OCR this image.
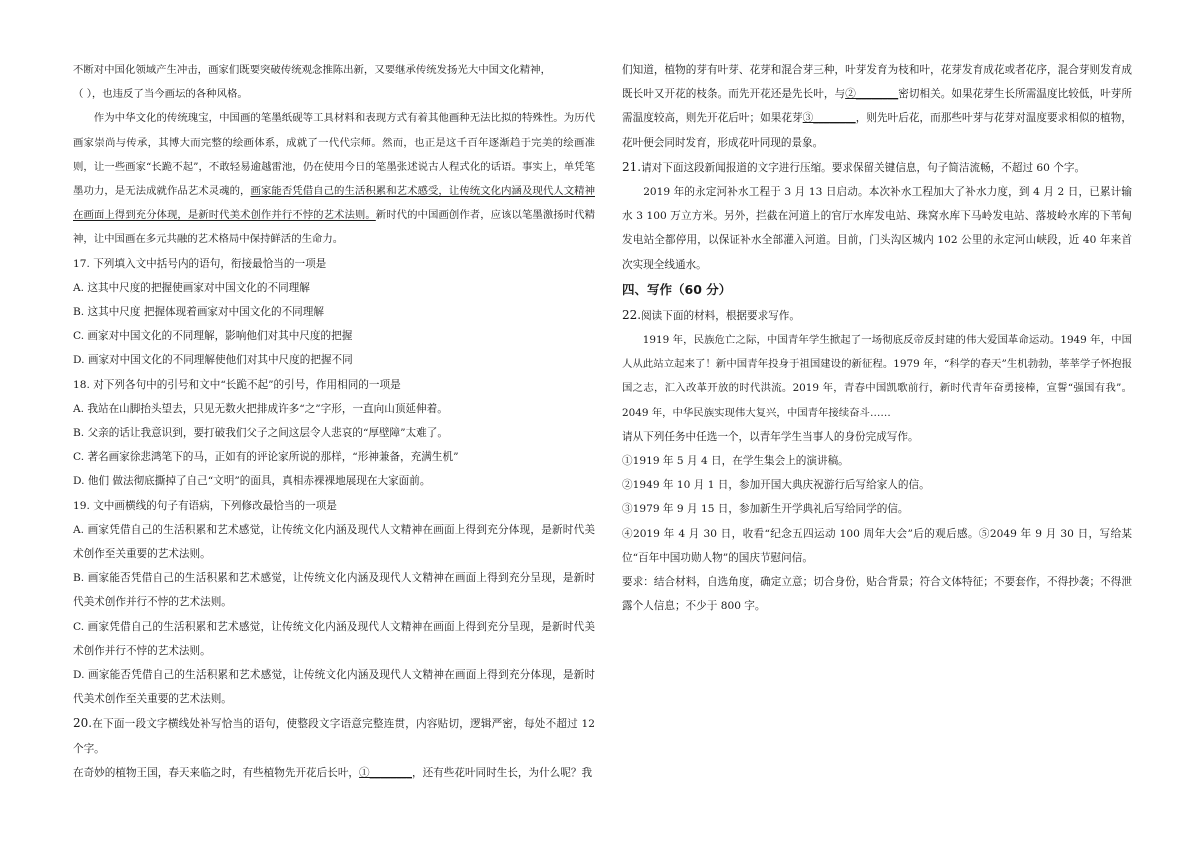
不断对中国化领域产生冲击，画家们既要突破传统观念推陈出新，又要继承传统发扬光大中国文化精神，

（ ），也违反了当今画坛的各种风格。

作为中华文化的传统瑰宝，中国画的笔墨纸砚等工具材料和表现方式有着其他画种无法比拟的特殊性。为历代画家崇尚与传承，其博大而完整的绘画体系，成就了一代代宗师。然而，也正是这千百年逐渐趋于完美的绘画准则，让一些画家“长跪不起”，不敢轻易逾越雷池，仍在使用今日的笔墨张述说古人程式化的话语。事实上，单凭笔墨功力，是无法成就作品艺术灵魂的，画家能否凭借自己的生活积累和艺术感受，让传统文化内涵及现代人文精神在画面上得到充分体现，是新时代美术创作并行不悖的艺术法则。新时代的中国画创作者，应该以笔墨激扬时代精神，让中国画在多元共融的艺术格局中保持鲜活的生命力。

17. 下列填入文中括号内的语句，衔接最恰当的一项是

A. 这其中尺度的把握使画家对中国文化的不同理解

B. 这其中尺度 把握体现着画家对中国文化的不同理解

C. 画家对中国文化的不同理解，影响他们对其中尺度的把握

D. 画家对中国文化的不同理解使他们对其中尺度的把握不同

18. 对下列各句中的引号和文中“长跪不起”的引号，作用相同的一项是

A. 我站在山脚抬头望去，只见无数火把排成许多“之”字形，一直向山顶延伸着。

B. 父亲的话让我意识到，要打破我们父子之间这层令人悲哀的“厚壁障”太难了。

C. 著名画家徐悲鸿笔下的马，正如有的评论家所说的那样，“形神兼备，充满生机”

D. 他们 做法彻底撕掉了自己“文明”的面具，真相赤裸裸地展现在大家面前。

19. 文中画横线的句子有语病，下列修改最恰当的一项是

A. 画家凭借自己的生活积累和艺术感觉，让传统文化内涵及现代人文精神在画面上得到充分体现，是新时代美术创作至关重要的艺术法则。

B. 画家能否凭借自己的生活积累和艺术感觉，让传统文化内涵及现代人文精神在画面上得到充分呈现，是新时代美术创作并行不悖的艺术法则。

C. 画家凭借自己的生活积累和艺术感觉，让传统文化内涵及现代人文精神在画面上得到充分呈现，是新时代美术创作并行不悖的艺术法则。

D. 画家能否凭借自己的生活积累和艺术感觉，让传统文化内涵及现代人文精神在画面上得到充分体现，是新时代美术创作至关重要的艺术法则。

20.在下面一段文字横线处补写恰当的语句，使整段文字语意完整连贯，内容贴切，逻辑严密，每处不超过 12 个字。

在奇妙的植物王国，春天来临之时，有些植物先开花后长叶，①________，还有些花叶同时生长，为什么呢？我

们知道，植物的芽有叶芽、花芽和混合芽三种，叶芽发育为枝和叶，花芽发育成花或者花序，混合芽则发育成既长叶又开花的枝条。而先开花还是先长叶，与②________密切相关。如果花芽生长所需温度比较低，叶芽所需温度较高，则先开花后叶；如果花芽③________，则先叶后花，而那些叶芽与花芽对温度要求相似的植物，花叶便会同时发育，形成花叶同现的景象。

21.请对下面这段新闻报道的文字进行压缩。要求保留关键信息，句子简洁流畅，不超过 60 个字。

2019 年的永定河补水工程于 3 月 13 日启动。本次补水工程加大了补水力度，到 4 月 2 日，已累计输水 3 100 万立方米。另外，拦截在河道上的官厅水库发电站、珠窝水库下马岭发电站、落坡岭水库的下苇甸发电站全都停用，以保证补水全部灌入河道。目前，门头沟区城内 102 公里的永定河山峡段，近 40 年来首次实现全线通水。

四、写作（60 分）

22.阅读下面的材料，根据要求写作。

1919 年，民族危亡之际，中国青年学生掀起了一场彻底反帝反封建的伟大爱国革命运动。1949 年，中国人从此站立起来了！新中国青年投身于祖国建设的新征程。1979 年，“科学的春天”生机勃勃，莘莘学子怀抱报国之志，汇入改革开放的时代洪流。2019 年，青春中国凯歌前行，新时代青年奋勇接棒，宣誓“强国有我”。2049 年，中华民族实现伟大复兴，中国青年接续奋斗……

请从下列任务中任选一个，以青年学生当事人的身份完成写作。

①1919 年 5 月 4 日，在学生集会上的演讲稿。

②1949 年 10 月 1 日，参加开国大典庆祝游行后写给家人的信。

③1979 年 9 月 15 日，参加新生开学典礼后写给同学的信。

④2019 年 4 月 30 日，收看“纪念五四运动 100 周年大会”后的观后感。⑤2049 年 9 月 30 日，写给某位“百年中国功勋人物”的国庆节慰问信。

要求：结合材料，自选角度，确定立意；切合身份，贴合背景；符合文体特征；不要套作，不得抄袭；不得泄露个人信息；不少于 800 字。
